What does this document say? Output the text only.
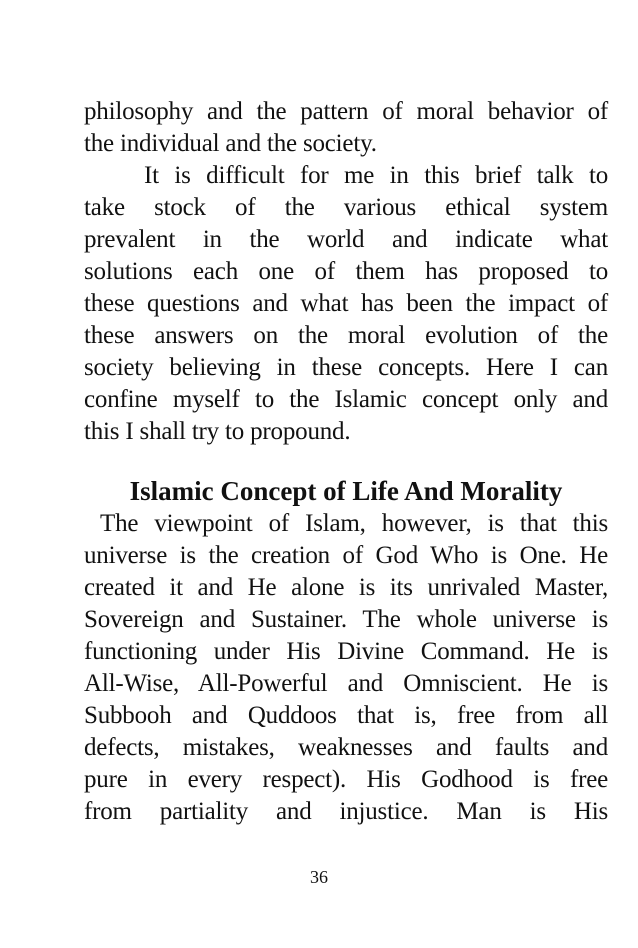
philosophy and the pattern of moral behavior of
the individual and the society.
It is difficult for me in this brief talk to
take stock of the various ethical system
prevalent in the world and indicate what
solutions each one of them has proposed to
these questions and what has been the impact of
these answers on the moral evolution of the
society believing in these concepts. Here I can
confine myself to the Islamic concept only and
this I shall try to propound.
Islamic Concept of Life And Morality
The viewpoint of Islam, however, is that this
universe is the creation of God Who is One. He
created it and He alone is its unrivaled Master,
Sovereign and Sustainer. The whole universe is
functioning under His Divine Command. He is
All-Wise, All-Powerful and Omniscient. He is
Subbooh and Quddoos that is, free from all
defects, mistakes, weaknesses and faults and
pure in every respect). His Godhood is free
from partiality and injustice. Man is His
36
